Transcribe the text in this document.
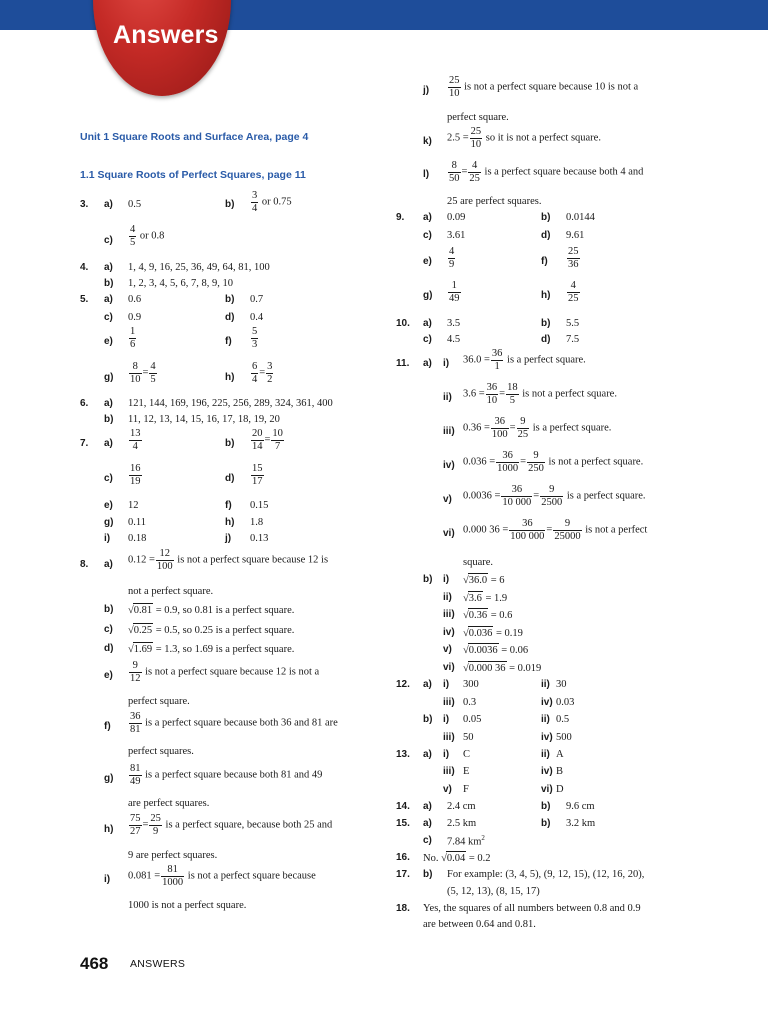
Answers
Unit 1 Square Roots and Surface Area, page 4
1.1 Square Roots of Perfect Squares, page 11
3. a) 0.5	$b) \frac{3}{4}$ or 0.75
$c) \frac{4}{5}$ or 0.8
4. a) 1, 4, 9, 16, 25, 36, 49, 64, 81, 100
b) 1, 2, 3, 4, 5, 6, 7, 8, 9, 10
5. a) 0.6	b) 0.7
c) 0.9	d) 0.4
$e) \frac{1}{6}$	$f) \frac{5}{3}$
$g) \frac{8}{10} = \frac{4}{5}$	$h) \frac{6}{4} = \frac{3}{2}$
6. a) 121, 144, 169, 196, 225, 256, 289, 324, 361, 400
b) 11, 12, 13, 14, 15, 16, 17, 18, 19, 20
7. $a) \frac{13}{4}$	$b) \frac{20}{14} = \frac{10}{7}$
$c) \frac{16}{19}$	$d) \frac{15}{17}$
e) 12	f) 0.15
g) 0.11	h) 1.8
i) 0.18	j) 0.13
8. a) $0.12 = \frac{12}{100}$ is not a perfect square because 12 is
not a perfect square.
b) √0.81 = 0.9, so 0.81 is a perfect square.
c) √0.25 = 0.5, so 0.25 is a perfect square.
d) √1.69 = 1.3, so 1.69 is a perfect square.
$e) \frac{9}{12}$ is not a perfect square because 12 is not a
perfect square.
$f) \frac{36}{81}$ is a perfect square because both 36 and 81 are
perfect squares.
$g) \frac{81}{49}$ is a perfect square because both 81 and 49
are perfect squares.
$h) \frac{75}{27} = \frac{25}{9}$ is a perfect square, because both 25 and
9 are perfect squares.
i) $0.081 = \frac{81}{1000}$ is not a perfect square because
1000 is not a perfect square.
$j) \frac{25}{10}$ is not a perfect square because 10 is not a
perfect square.
k) $2.5 = \frac{25}{10}$ so it is not a perfect square.
$l) \frac{8}{50} = \frac{4}{25}$ is a perfect square because both 4 and
25 are perfect squares.
9. a) 0.09	b) 0.0144
c) 3.61	d) 9.61
$e) \frac{4}{9}$	$f) \frac{25}{36}$
$g) \frac{1}{49}$	$h) \frac{4}{25}$
10. a) 3.5	b) 5.5
c) 4.5	d) 7.5
11. a) i) $36.0 = \frac{36}{1}$ is a perfect square.
ii) $3.6 = \frac{36}{10} = \frac{18}{5}$ is not a perfect square.
iii) $0.36 = \frac{36}{100} = \frac{9}{25}$ is a perfect square.
iv) $0.036 = \frac{36}{1000} = \frac{9}{250}$ is not a perfect square.
v) $0.0036 = \frac{36}{10 000} = \frac{9}{2500}$ is a perfect square.
vi) 0.000 $36 = \frac{36}{100 000} = \frac{9}{25000}$ is not a perfect
square.
b) i) √36.0 = 6
ii) √3.6 = 1.9
iii) √0.36 = 0.6
iv) √0.036 = 0.19
v) √0.0036 = 0.06
vi) √0.000 36 = 0.019
12. a) i) 300	ii) 30
iii) 0.3	iv) 0.03
b) i) 0.05	ii) 0.5
iii) 50	iv) 500
13. a) i) C	ii) A
iii) E	iv) B
v) F	vi) D
14. a) 2.4 cm	b) 9.6 cm
15. a) 2.5 km	b) 3.2 km
c) 7.84 $km^2$
16. No. √0.04 = 0.2
17. b) For example: (3, 4, 5), (9, 12, 15), (12, 16, 20),
(5, 12, 13), (8, 15, 17)
18. Yes, the squares of all numbers between 0.8 and 0.9
are between 0.64 and 0.81.
468 ANSWERS
